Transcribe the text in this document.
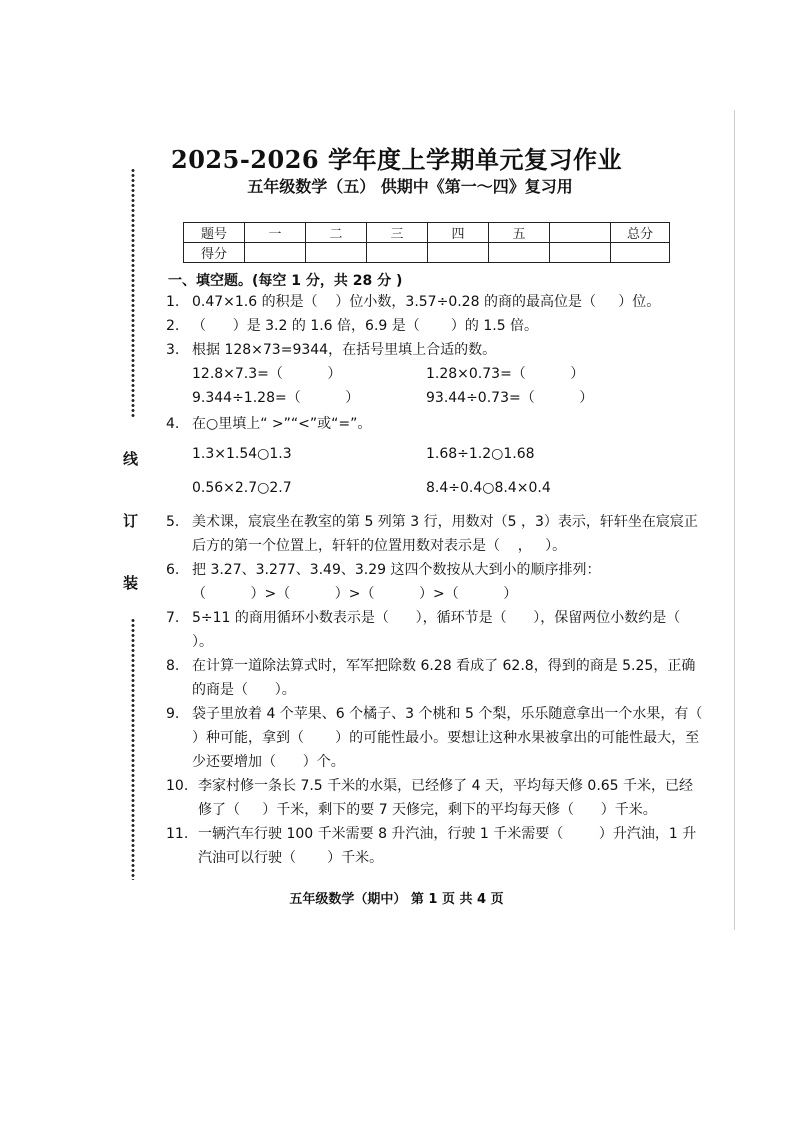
线
订
装
2025-2026 学年度上学期单元复习作业
五年级数学（五） 供期中《第一～四》复习用
题号	一	二	三	四	五		总分
得分							
一、填空题。(每空 1 分，共 28 分 )
1. 0.47×1.6 的积是（    ）位小数，3.57÷0.28 的商的最高位是（     ）位。
2. （      ）是 3.2 的 1.6 倍，6.9 是（       ）的 1.5 倍。
3. 根据 128×73=9344，在括号里填上合适的数。
12.8×7.3=（          ）	1.28×0.73=（          ）
9.344÷1.28=（          ）	93.44÷0.73=（          ）
4. 在○里填上“ >”“<”或“=”。
1.3×1.54○1.3	1.68÷1.2○1.68
0.56×2.7○2.7	8.4÷0.4○8.4×0.4
5. 美术课，宸宸坐在教室的第 5 列第 3 行，用数对（5 ，3）表示，轩轩坐在宸宸正后方的第一个位置上，轩轩的位置用数对表示是（    ，   ）。
6. 把 3.27、3.277、3.49、3.29 这四个数按从大到小的顺序排列：
（          ）>（          ）>（          ）>（          ）
7. 5÷11 的商用循环小数表示是（      ），循环节是（      ），保留两位小数约是（      ）。
8. 在计算一道除法算式时，军军把除数 6.28 看成了 62.8，得到的商是 5.25，正确的商是（      ）。
9. 袋子里放着 4 个苹果、6 个橘子、3 个桃和 5 个梨，乐乐随意拿出一个水果，有（      ）种可能，拿到（       ）的可能性最小。要想让这种水果被拿出的可能性最大，至少还要增加（      ）个。
10. 李家村修一条长 7.5 千米的水渠，已经修了 4 天，平均每天修 0.65 千米，已经修了（     ）千米，剩下的要 7 天修完，剩下的平均每天修（      ）千米。
11. 一辆汽车行驶 100 千米需要 8 升汽油，行驶 1 千米需要（        ）升汽油，1 升汽油可以行驶（       ）千米。
五年级数学（期中） 第 1 页 共 4 页
